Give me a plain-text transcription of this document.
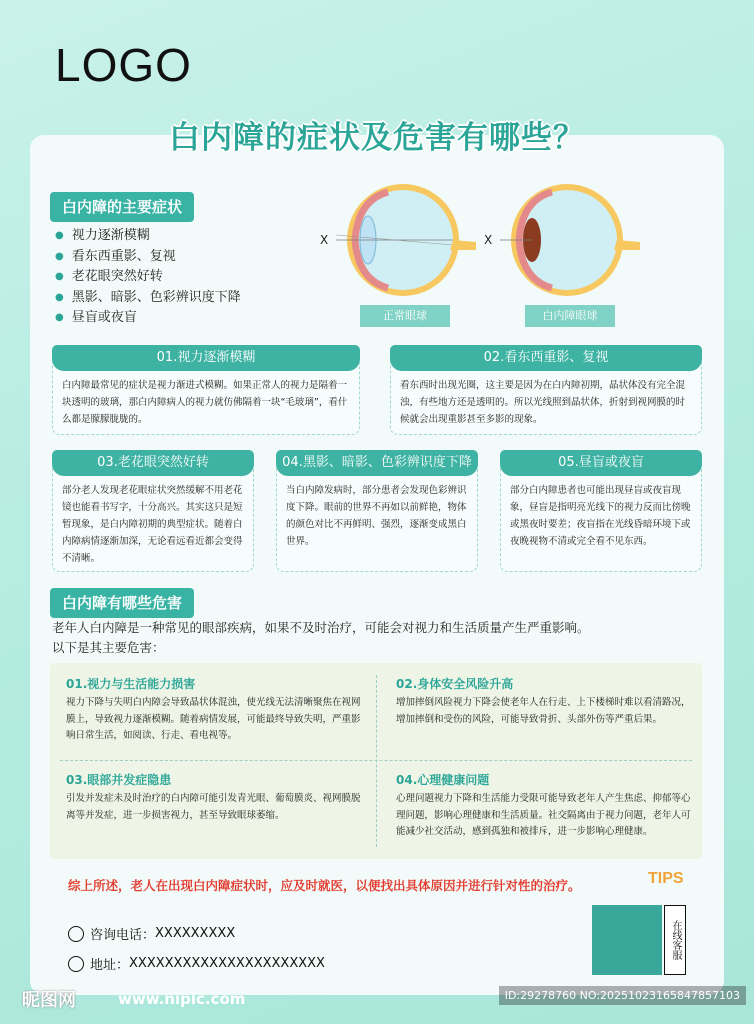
LOGO
白内障的症状及危害有哪些？
白内障的主要症状
● 视力逐渐模糊
● 看东西重影、复视
● 老花眼突然好转
● 黑影、暗影、色彩辨识度下降
● 昼盲或夜盲
X	X
正常眼球	白内障眼球
01.视力逐渐模糊
白内障最常见的症状是视力渐进式模糊。如果正常人的视力是隔着一块透明的玻璃，那白内障病人的视力就仿佛隔着一块“毛玻璃”，看什么都是朦朦胧胧的。
02.看东西重影、复视
看东西时出现光圈，这主要是因为在白内障初期，晶状体没有完全混浊，有些地方还是透明的。所以光线照到晶状体，折射到视网膜的时候就会出现重影甚至多影的现象。
03.老花眼突然好转
部分老人发现老花眼症状突然缓解不用老花镜也能看书写字，十分高兴。其实这只是短暂现象，是白内障初期的典型症状。随着白内障病情逐渐加深，无论看远看近都会变得不清晰。
04.黑影、暗影、色彩辨识度下降
当白内障发病时，部分患者会发现色彩辨识度下降。眼前的世界不再如以前鲜艳，物体的颜色对比不再鲜明、强烈，逐渐变成黑白世界。
05.昼盲或夜盲
部分白内障患者也可能出现昼盲或夜盲现象，昼盲是指明亮光线下的视力反而比傍晚或黑夜时要差；夜盲指在光线昏暗环境下或夜晚视物不清或完全看不见东西。
白内障有哪些危害
老年人白内障是一种常见的眼部疾病，如果不及时治疗，可能会对视力和生活质量产生严重影响。
以下是其主要危害：
01.视力与生活能力损害
视力下降与失明白内障会导致晶状体混浊，使光线无法清晰聚焦在视网膜上，导致视力逐渐模糊。随着病情发展，可能最终导致失明，严重影响日常生活，如阅读、行走、看电视等。
02.身体安全风险升高
增加摔倒风险视力下降会使老年人在行走、上下楼梯时难以看清路况，增加摔倒和受伤的风险，可能导致骨折、头部外伤等严重后果。
03.眼部并发症隐患
引发并发症未及时治疗的白内障可能引发青光眼、葡萄膜炎、视网膜脱离等并发症，进一步损害视力，甚至导致眼球萎缩。
04.心理健康问题
心理问题视力下降和生活能力受限可能导致老年人产生焦虑、抑郁等心理问题，影响心理健康和生活质量。社交隔离由于视力问题，老年人可能减少社交活动，感到孤独和被排斥，进一步影响心理健康。
综上所述，老人在出现白内障症状时，应及时就医，以便找出具体原因并进行针对性的治疗。	TIPS
咨询电话： XXXXXXXXX
地址： XXXXXXXXXXXXXXXXXXXXXX
在线客服
昵图网	www.nipic.com	ID:29278760 NO:20251023165847857103
